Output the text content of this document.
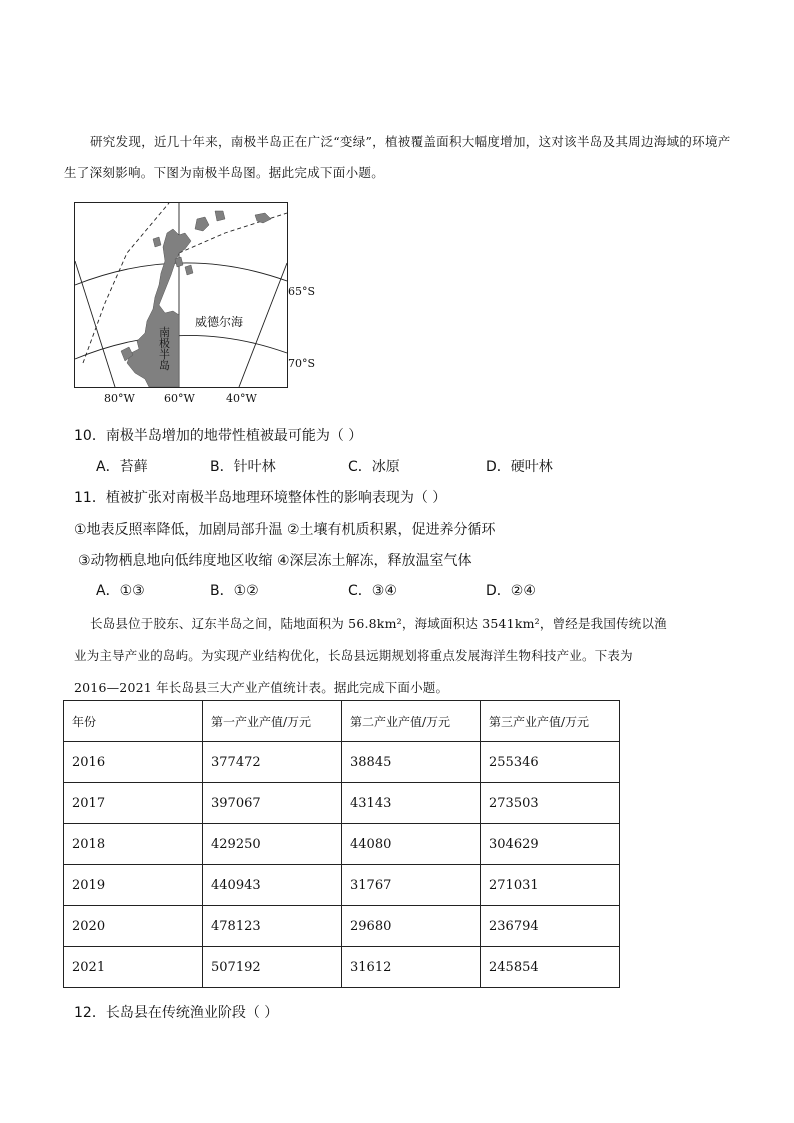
研究发现，近几十年来，南极半岛正在广泛“变绿”，植被覆盖面积大幅度增加，这对该半岛及其周边海域的环境产生了深刻影响。下图为南极半岛图。据此完成下面小题。

威德尔海
南
极
半
岛
65°S
70°S
80°W	60°W	40°W

10．南极半岛增加的地带性植被最可能为（ ）

A．苔藓	B．针叶林	C．冰原	D．硬叶林

11．植被扩张对南极半岛地理环境整体性的影响表现为（ ）

①地表反照率降低，加剧局部升温 ②土壤有机质积累，促进养分循环
③动物栖息地向低纬度地区收缩 ④深层冻土解冻，释放温室气体
A．①③	B．①②	C．③④	D．②④
长岛县位于胶东、辽东半岛之间，陆地面积为 56.8km²，海域面积达 3541km²，曾经是我国传统以渔
业为主导产业的岛屿。为实现产业结构优化，长岛县远期规划将重点发展海洋生物科技产业。下表为
2016—2021 年长岛县三大产业产值统计表。据此完成下面小题。
年份	第一产业产值/万元	第二产业产值/万元	第三产业产值/万元
2016	377472	38845	255346
2017	397067	43143	273503
2018	429250	44080	304629
2019	440943	31767	271031
2020	478123	29680	236794
2021	507192	31612	245854

12．长岛县在传统渔业阶段（ ）
